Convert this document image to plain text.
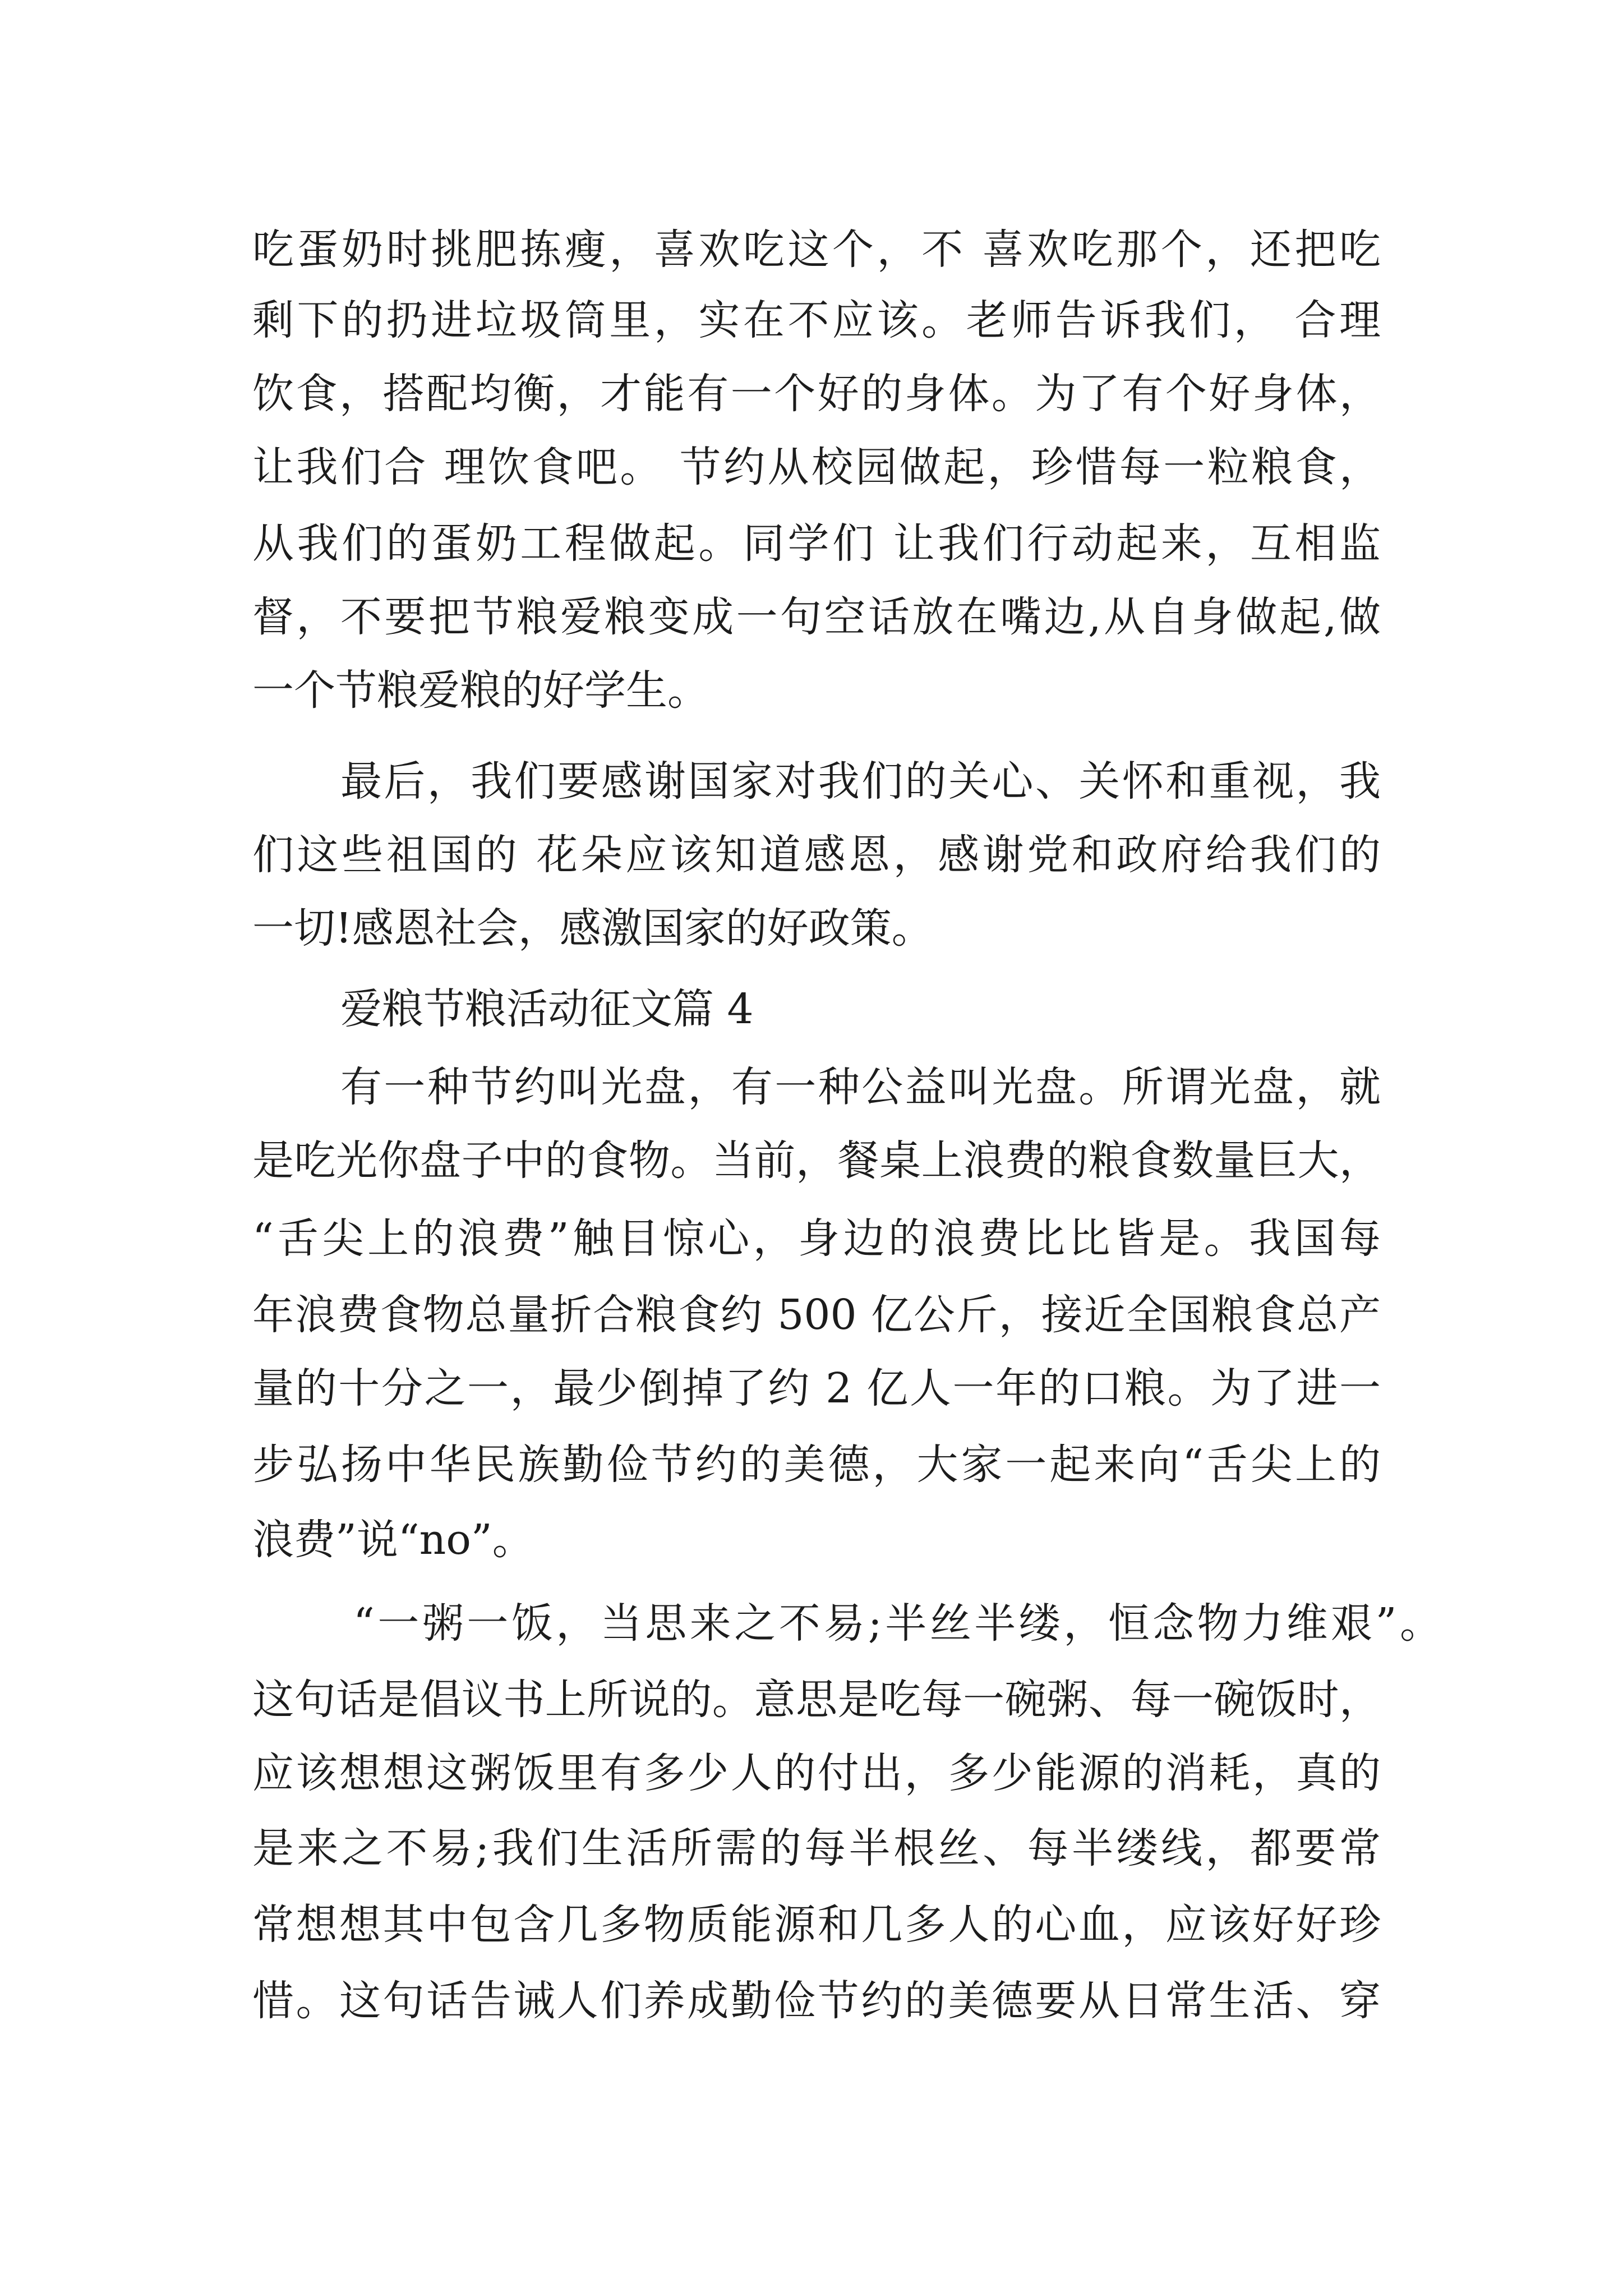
吃蛋奶时挑肥拣瘦，喜欢吃这个，不 喜欢吃那个，还把吃
剩下的扔进垃圾筒里，实在不应该。老师告诉我们， 合理
饮食，搭配均衡，才能有一个好的身体。为了有个好身体，
让我们合 理饮食吧。 节约从校园做起，珍惜每一粒粮食，
从我们的蛋奶工程做起。同学们 让我们行动起来，互相监
督，不要把节粮爱粮变成一句空话放在嘴边,从自身做起,做
一个节粮爱粮的好学生。
最后，我们要感谢国家对我们的关心、关怀和重视，我
们这些祖国的 花朵应该知道感恩，感谢党和政府给我们的
一切!感恩社会，感激国家的好政策。
爱粮节粮活动征文篇 4
有一种节约叫光盘，有一种公益叫光盘。所谓光盘，就
是吃光你盘子中的食物。当前，餐桌上浪费的粮食数量巨大，
“舌尖上的浪费”触目惊心，身边的浪费比比皆是。我国每
年浪费食物总量折合粮食约 500 亿公斤，接近全国粮食总产
量的十分之一，最少倒掉了约 2 亿人一年的口粮。为了进一
步弘扬中华民族勤俭节约的美德，大家一起来向“舌尖上的
浪费”说“no”。
“一粥一饭，当思来之不易;半丝半缕，恒念物力维艰”。
这句话是倡议书上所说的。意思是吃每一碗粥、每一碗饭时，
应该想想这粥饭里有多少人的付出，多少能源的消耗，真的
是来之不易;我们生活所需的每半根丝、每半缕线，都要常
常想想其中包含几多物质能源和几多人的心血，应该好好珍
惜。这句话告诫人们养成勤俭节约的美德要从日常生活、穿
